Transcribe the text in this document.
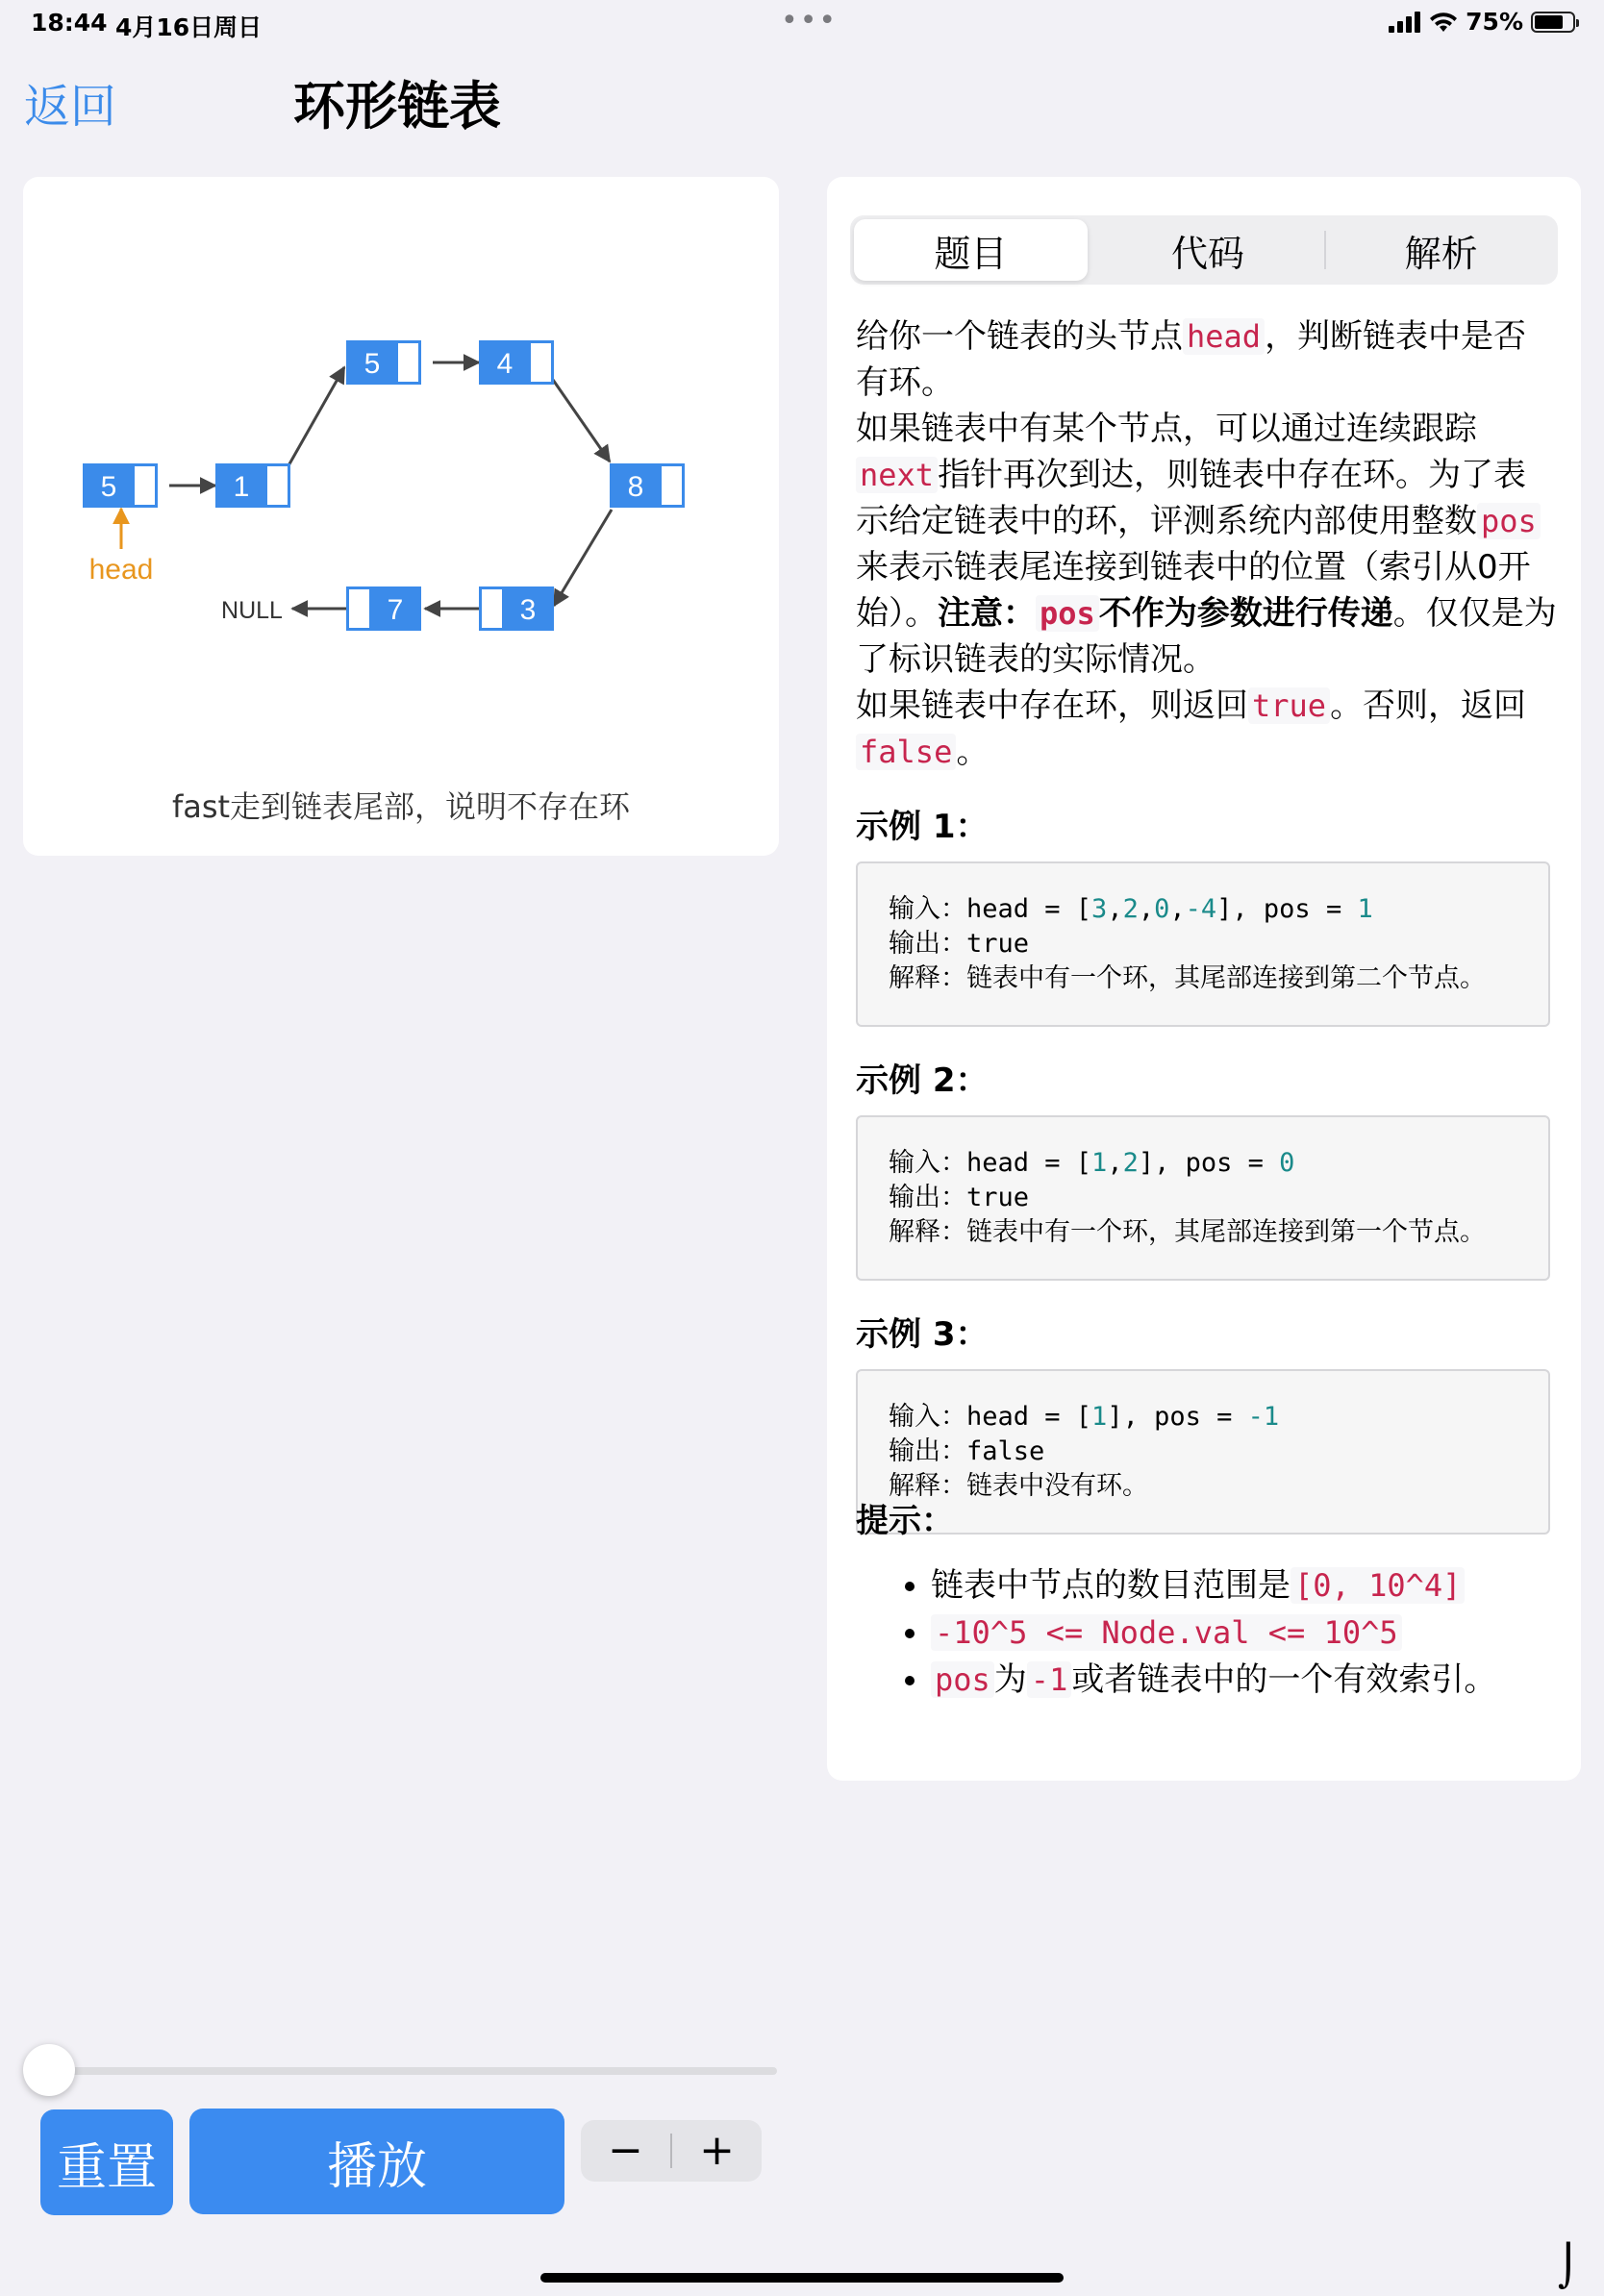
18:44 4月16日周日	•••	75%
返回	环形链表
5	1
5	4
8
3
7
head
NULL
fast走到链表尾部，说明不存在环
题目	代码	解析

给你一个链表的头节点 head ，判断链表中是否有环。

如果链表中有某个节点，可以通过连续跟踪next 指针再次到达，则链表中存在环。为了表示给定链表中的环，评测系统内部使用整数 pos来表示链表尾连接到链表中的位置（索引从0开始）。注意： pos 不作为参数进行传递。仅仅是为了标识链表的实际情况。

如果链表中存在环，则返回 true 。否则，返回false 。

示例 1：
输入：head = [3,2,0,-4], pos = 1
输出：true
解释：链表中有一个环，其尾部连接到第二个节点。
示例 2：
输入：head = [1,2], pos = 0
输出：true
解释：链表中有一个环，其尾部连接到第一个节点。
示例 3：
输入：head = [1], pos = -1
输出：false
解释：链表中没有环。
提示：
• 链表中节点的数目范围是 [0, 10^4]
• -10^5 <= Node.val <= 10^5
• pos 为 -1 或者链表中的一个有效索引。
重置	播放	−	+
⌡
